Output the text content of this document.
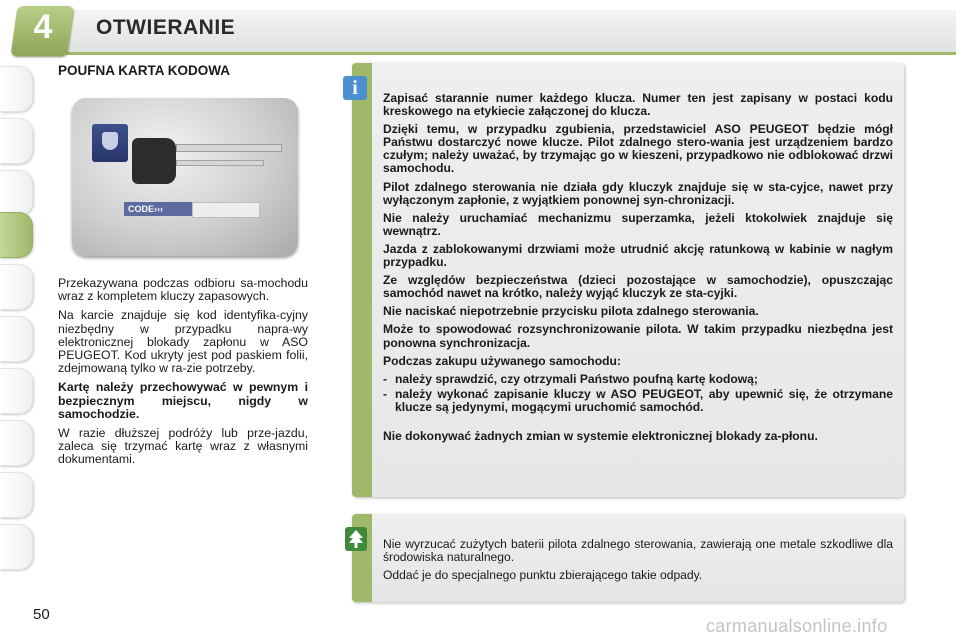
4 OTWIERANIE
POUFNA KARTA KODOWA
CODE›››

Przekazywana podczas odbioru sa-mochodu wraz z kompletem kluczy zapasowych.

Na karcie znajduje się kod identyfika-cyjny niezbędny w przypadku napra-wy elektronicznej blokady zapłonu w ASO PEUGEOT. Kod ukryty jest pod paskiem folii, zdejmowaną tylko w ra-zie potrzeby.

Kartę należy przechowywać w pewnym i bezpiecznym miejscu, nigdy w samochodzie.

W razie dłuższej podróży lub prze-jazdu, zaleca się trzymać kartę wraz z własnymi dokumentami.

i	Zapisać starannie numer każdego klucza. Numer ten jest zapisany w postaci kodu kreskowego na etykiecie załączonej do klucza.

Dzięki temu, w przypadku zgubienia, przedstawiciel ASO PEUGEOT będzie mógł Państwu dostarczyć nowe klucze. Pilot zdalnego stero-wania jest urządzeniem bardzo czułym; należy uważać, by trzymając go w kieszeni, przypadkowo nie odblokować drzwi samochodu.

Pilot zdalnego sterowania nie działa gdy kluczyk znajduje się w sta-cyjce, nawet przy wyłączonym zapłonie, z wyjątkiem ponownej syn-chronizacji.

Nie należy uruchamiać mechanizmu superzamka, jeżeli ktokolwiek znajduje się wewnątrz.

Jazda z zablokowanymi drzwiami może utrudnić akcję ratunkową w kabinie w nagłym przypadku.

Ze względów bezpieczeństwa (dzieci pozostające w samochodzie), opuszczając samochód nawet na krótko, należy wyjąć kluczyk ze sta-cyjki.

Nie naciskać niepotrzebnie przycisku pilota zdalnego sterowania.

Może to spowodować rozsynchronizowanie pilota. W takim przypadku niezbędna jest ponowna synchronizacja.

Podczas zakupu używanego samochodu:

- należy sprawdzić, czy otrzymali Państwo poufną kartę kodową;
- należy wykonać zapisanie kluczy w ASO PEUGEOT, aby upewnić się, że otrzymane klucze są jedynymi, mogącymi uruchomić samochód.

Nie dokonywać żadnych zmian w systemie elektronicznej blokady za-płonu.

Nie wyrzucać zużytych baterii pilota zdalnego sterowania, zawierają one metale szkodliwe dla środowiska naturalnego.

Oddać je do specjalnego punktu zbierającego takie odpady.

50
carmanualsonline.info
